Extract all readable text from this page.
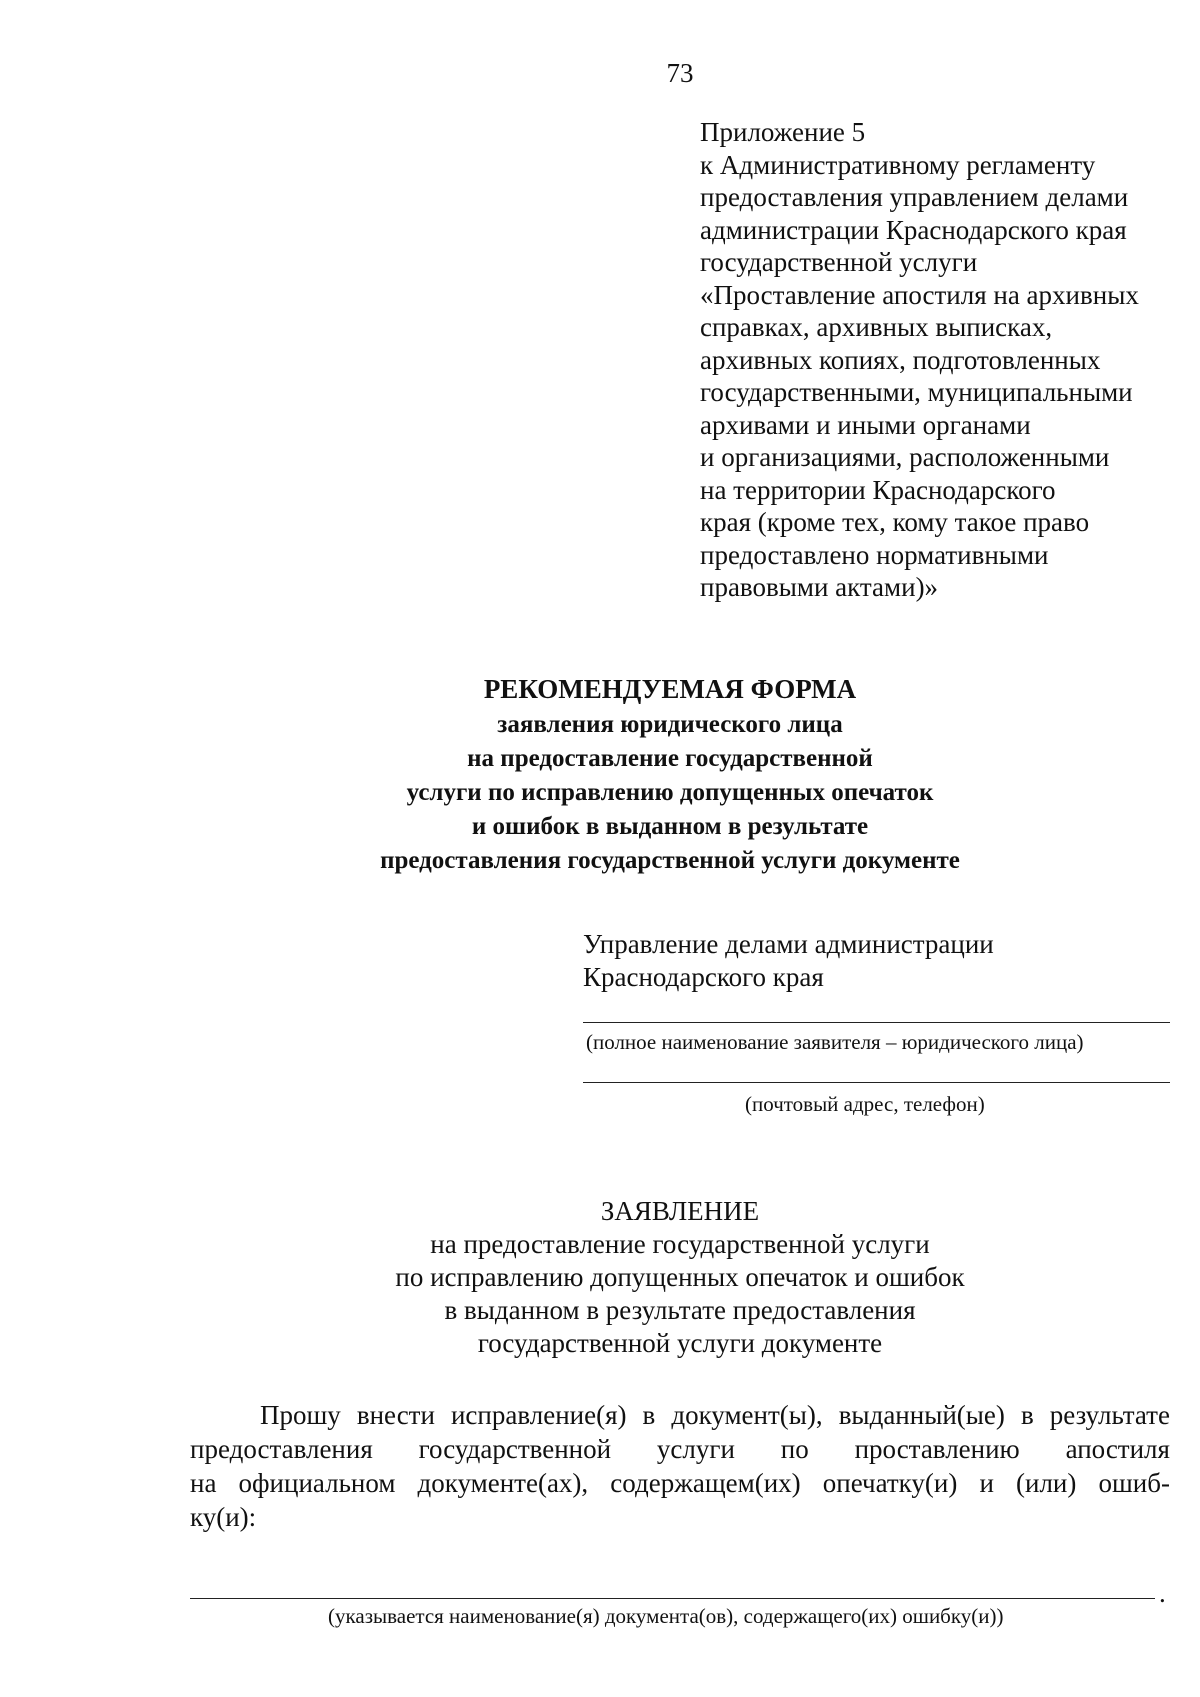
73
Приложение 5
к Административному регламенту
предоставления управлением делами
администрации Краснодарского края
государственной услуги
«Проставление апостиля на архивных
справках, архивных выписках,
архивных копиях, подготовленных
государственными, муниципальными
архивами и иными органами
и организациями, расположенными
на территории Краснодарского
края (кроме тех, кому такое право
предоставлено нормативными
правовыми актами)»
РЕКОМЕНДУЕМАЯ ФОРМА
заявления юридического лица
на предоставление государственной
услуги по исправлению допущенных опечаток
и ошибок в выданном в результате
предоставления государственной услуги документе
Управление делами администрации
Краснодарского края
(полное наименование заявителя – юридического лица)
(почтовый адрес, телефон)
ЗАЯВЛЕНИЕ
на предоставление государственной услуги
по исправлению допущенных опечаток и ошибок
в выданном в результате предоставления
государственной услуги документе
Прошу внести исправление(я) в документ(ы), выданный(ые) в результате
предоставления государственной услуги по проставлению апостиля
на официальном документе(ах), содержащем(их) опечатку(и) и (или) ошиб-
ку(и):
.
(указывается наименование(я) документа(ов), содержащего(их) ошибку(и))
